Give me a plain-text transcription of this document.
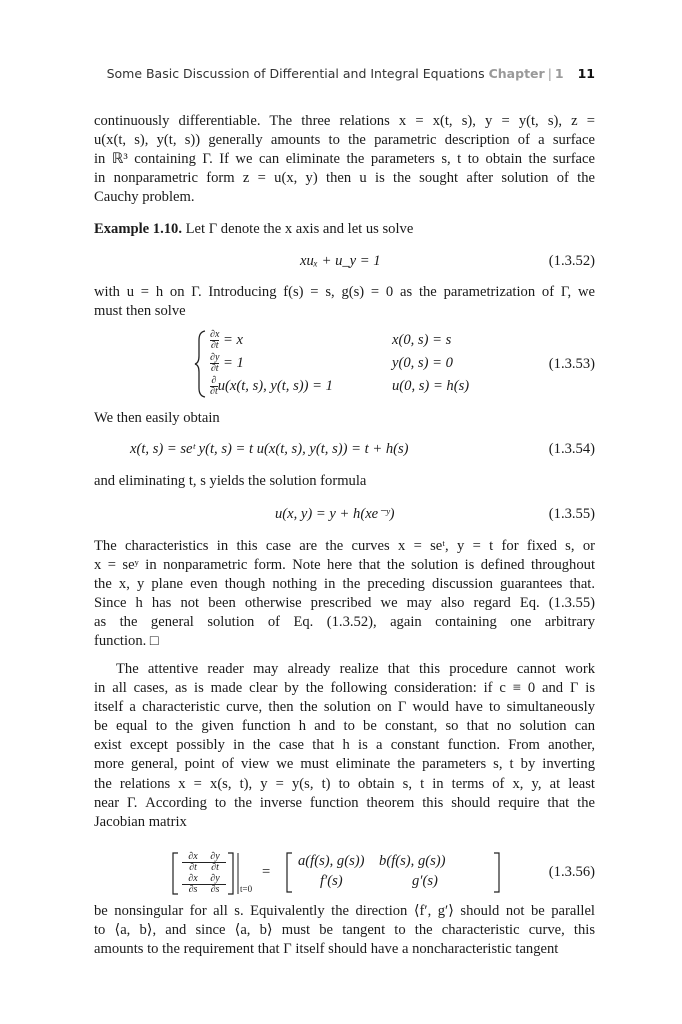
Some Basic Discussion of Differential and Integral Equations Chapter | 1 11
continuously differentiable. The three relations x = x(t, s), y = y(t, s), z =
u(x(t, s), y(t, s)) generally amounts to the parametric description of a surface
in ℝ³ containing Γ. If we can eliminate the parameters s, t to obtain the surface
in nonparametric form z = u(x, y) then u is the sought after solution of the
Cauchy problem.
Example 1.10. Let Γ denote the x axis and let us solve
xuₓ + u_y = 1	(1.3.52)
with u = h on Γ. Introducing f(s) = s, g(s) = 0 as the parametrization of Γ, we
must then solve
$\frac{\partial x}{\partial t} = x$	x(0, s) = s
$\frac{\partial y}{\partial t} = 1$	y(0, s) = 0
$\frac{\partial}{\partial t} u(x(t$, s), y(t, s)) = 1	u(0, s) = h(s)
(1.3.53)
We then easily obtain
x(t, s) = seᵗ y(t, s) = t u(x(t, s), y(t, s)) = t + h(s)	(1.3.54)
and eliminating t, s yields the solution formula
u(x, y) = y + h(xe⁻ʸ)	(1.3.55)
The characteristics in this case are the curves x = seᵗ, y = t for fixed s, or
x = seʸ in nonparametric form. Note here that the solution is defined throughout
the x, y plane even though nothing in the preceding discussion guarantees that.
Since h has not been otherwise prescribed we may also regard Eq. (1.3.55)
as the general solution of Eq. (1.3.52), again containing one arbitrary
function. □
The attentive reader may already realize that this procedure cannot work
in all cases, as is made clear by the following consideration: if c ≡ 0 and Γ is
itself a characteristic curve, then the solution on Γ would have to simultaneously
be equal to the given function h and to be constant, so that no solution can
exist except possibly in the case that h is a constant function. From another,
more general, point of view we must eliminate the parameters s, t by inverting
the relations x = x(s, t), y = y(s, t) to obtain s, t in terms of x, y, at least
near Γ. According to the inverse function theorem this should require that the
Jacobian matrix
$\frac{\partial x}{\partial t} \frac{\partial y}{\partial t}$
$\frac{\partial x}{\partial s} \frac{\partial y}{\partial s} t=0$
=
a(f(s), g(s))    b(f(s), g(s))
f′(s)                   g′(s)
(1.3.56)
be nonsingular for all s. Equivalently the direction ⟨f′, g′⟩ should not be parallel
to ⟨a, b⟩, and since ⟨a, b⟩ must be tangent to the characteristic curve, this
amounts to the requirement that Γ itself should have a noncharacteristic tangent
